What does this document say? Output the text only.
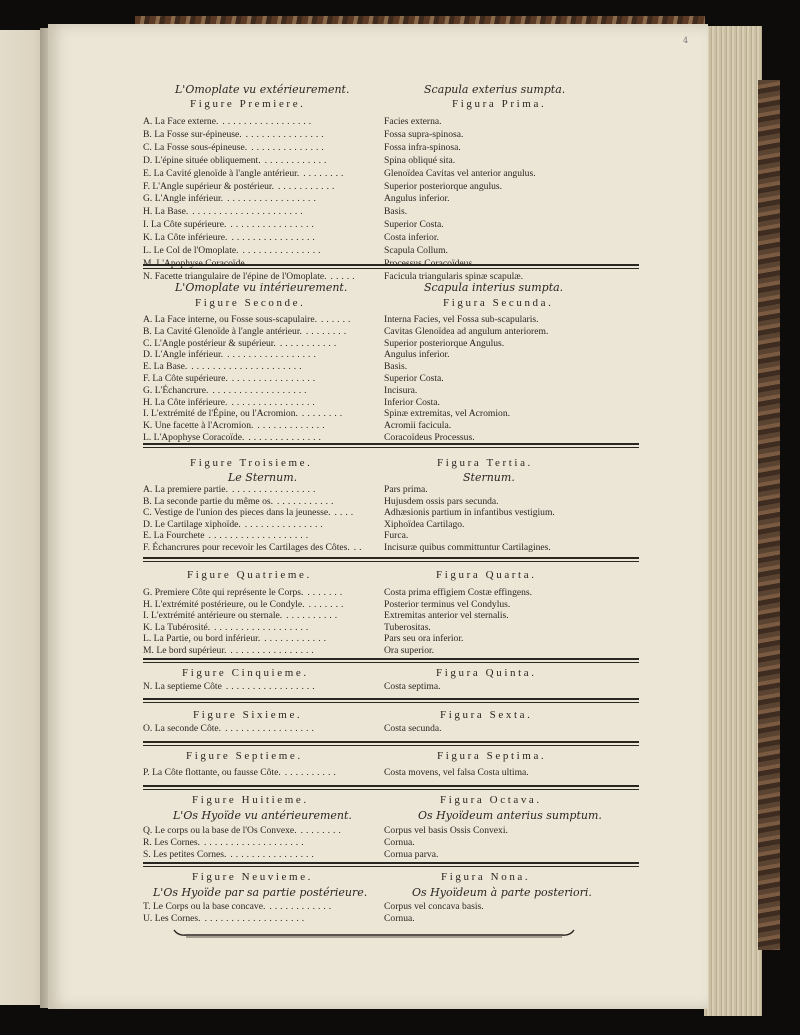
4
Figure Premiere.	Figura Prima.
L'Omoplate vu extérieurement.	Scapula exterius sumpta.
A. La Face externe. .................	Facies externa.
B. La Fosse sur-épineuse. ...............	Fossa supra-spinosa.
C. La Fosse sous-épineuse. ..............	Fossa infra-spinosa.
D. L'épine située obliquement. ............	Spina obliqué sita.
E. La Cavité glenoïde à l'angle antérieur. ........	Glenoïdea Cavitas vel anterior angulus.
F. L'Angle supérieur & postérieur. ...........	Superior posteriorque angulus.
G. L'Angle inférieur. .................	Angulus inferior.
H. La Base. .....................	Basis.
I. La Côte supérieure. ................	Superior Costa.
K. La Côte inférieure. ................	Costa inferior.
L. Le Col de l'Omoplate. ...............	Scapula Collum.
M. L'Apophyse Coracoïde. ..............	Processus Coracoïdeus.
N. Facette triangulaire de l'épine de l'Omoplate. .....	Facicula triangularis spinæ scapulæ.
Figure Seconde.	Figura Secunda.
L'Omoplate vu intérieurement.	Scapula interius sumpta.
A. La Face interne, ou Fosse sous-scapulaire. ......	Interna Facies, vel Fossa sub-scapularis.
B. La Cavité Glenoïde à l'angle antérieur. ........	Cavitas Glenoïdea ad angulum anteriorem.
C. L'Angle postérieur & supérieur. ...........	Superior posteriorque Angulus.
D. L'Angle inférieur. .................	Angulus inferior.
E. La Base. .....................	Basis.
F. La Côte supérieure. ................	Superior Costa.
G. L'Échancrure. ..................	Incisura.
H. La Côte inférieure. ................	Inferior Costa.
I. L'extrémité de l'Épine, ou l'Acromion. ........	Spinæ extremitas, vel Acromion.
K. Une facette à l'Acromion. .............	Acromii facicula.
L. L'Apophyse Coracoïde. ..............	Coracoïdeus Processus.
Figure Troisieme.	Figura Tertia.
Le Sternum.	Sternum.
A. La premiere partie. ................	Pars prima.
B. La seconde partie du même os. ...........	Hujusdem ossis pars secunda.
C. Vestige de l'union des pieces dans la jeunesse. ....	Adhæsionis partium in infantibus vestigium.
D. Le Cartilage xiphoïde. ...............	Xiphoïdea Cartilago.
E. La Fourchete ...................	Furca.
F. Échancrures pour recevoir les Cartilages des Côtes. .. Incisuræ quibus committuntur Cartilagines.
Figure Quatrieme.	Figura Quarta.
G. Premiere Côte qui représente le Corps. .......	Costa prima effigiem Costæ effingens.
H. L'extrémité postérieure, ou le Condyle. .......	Posterior terminus vel Condylus.
I. L'extrémité antérieure ou sternale. ..........	Extremitas anterior vel sternalis.
K. La Tubérosité. ..................	Tuberositas.
L. La Partie, ou bord inférieur. ............	Pars seu ora inferior.
M. Le bord supérieur. ................	Ora superior.
Figure Cinquieme.	Figura Quinta.
N. La septieme Côte .................	Costa septima.
Figure Sixieme.	Figura Sexta.
O. La seconde Côte. .................	Costa secunda.
Figure Septieme.	Figura Septima.
P. La Côte flottante, ou fausse Côte. ..........	Costa movens, vel falsa Costa ultima.
Figure Huitieme.	Figura Octava.
L'Os Hyoïde vu antérieurement.	Os Hyoïdeum anterius sumptum.
Q. Le corps ou la base de l'Os Convexe. ........	Corpus vel basis Ossis Convexi.
R. Les Cornes. ...................	Cornua.
S. Les petites Cornes. ................	Cornua parva.
Figure Neuvieme.	Figura Nona.
L'Os Hyoïde par sa partie postérieure.	Os Hyoïdeum à parte posteriori.
T. Le Corps ou la base concave. ............	Corpus vel concava basis.
U. Les Cornes. ...................	Cornua.
